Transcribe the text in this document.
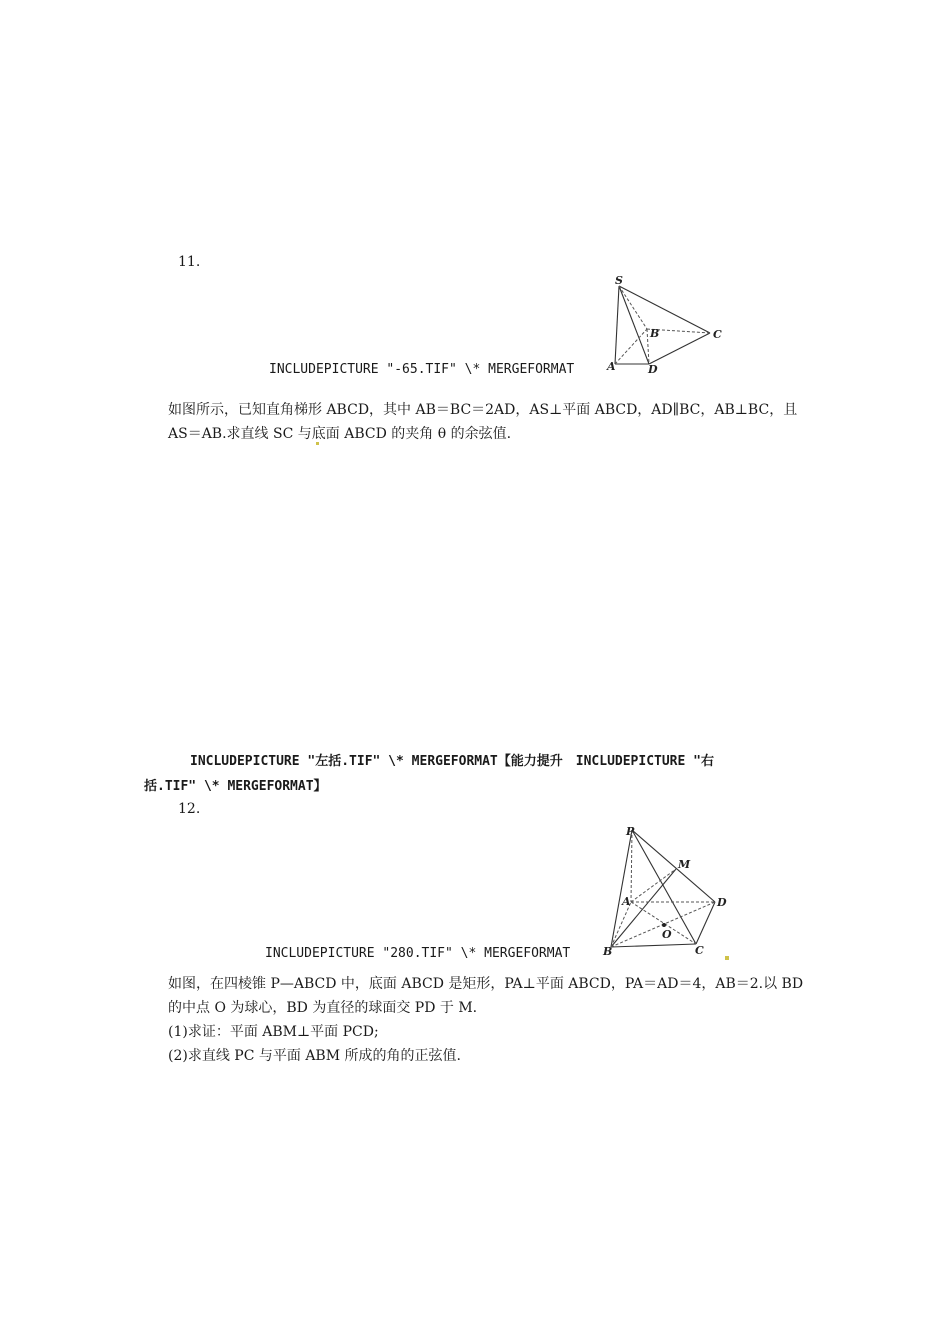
11.
S
B	C
A	D
INCLUDEPICTURE "-65.TIF" \* MERGEFORMAT
如图所示，已知直角梯形 ABCD，其中 AB＝BC＝2AD，AS⊥平面 ABCD，AD∥BC，AB⊥BC，且
AS＝AB.求直线 SC 与底面 ABCD 的夹角 θ 的余弦值.
INCLUDEPICTURE "左括.TIF" \* MERGEFORMAT【能力提升　INCLUDEPICTURE "右
括.TIF" \* MERGEFORMAT】
12.
P
M
A	D
O
B	C
INCLUDEPICTURE "280.TIF" \* MERGEFORMAT
如图，在四棱锥 P—ABCD 中，底面 ABCD 是矩形，PA⊥平面 ABCD，PA＝AD＝4，AB＝2.以 BD
的中点 O 为球心，BD 为直径的球面交 PD 于 M.
(1)求证：平面 ABM⊥平面 PCD;
(2)求直线 PC 与平面 ABM 所成的角的正弦值.
